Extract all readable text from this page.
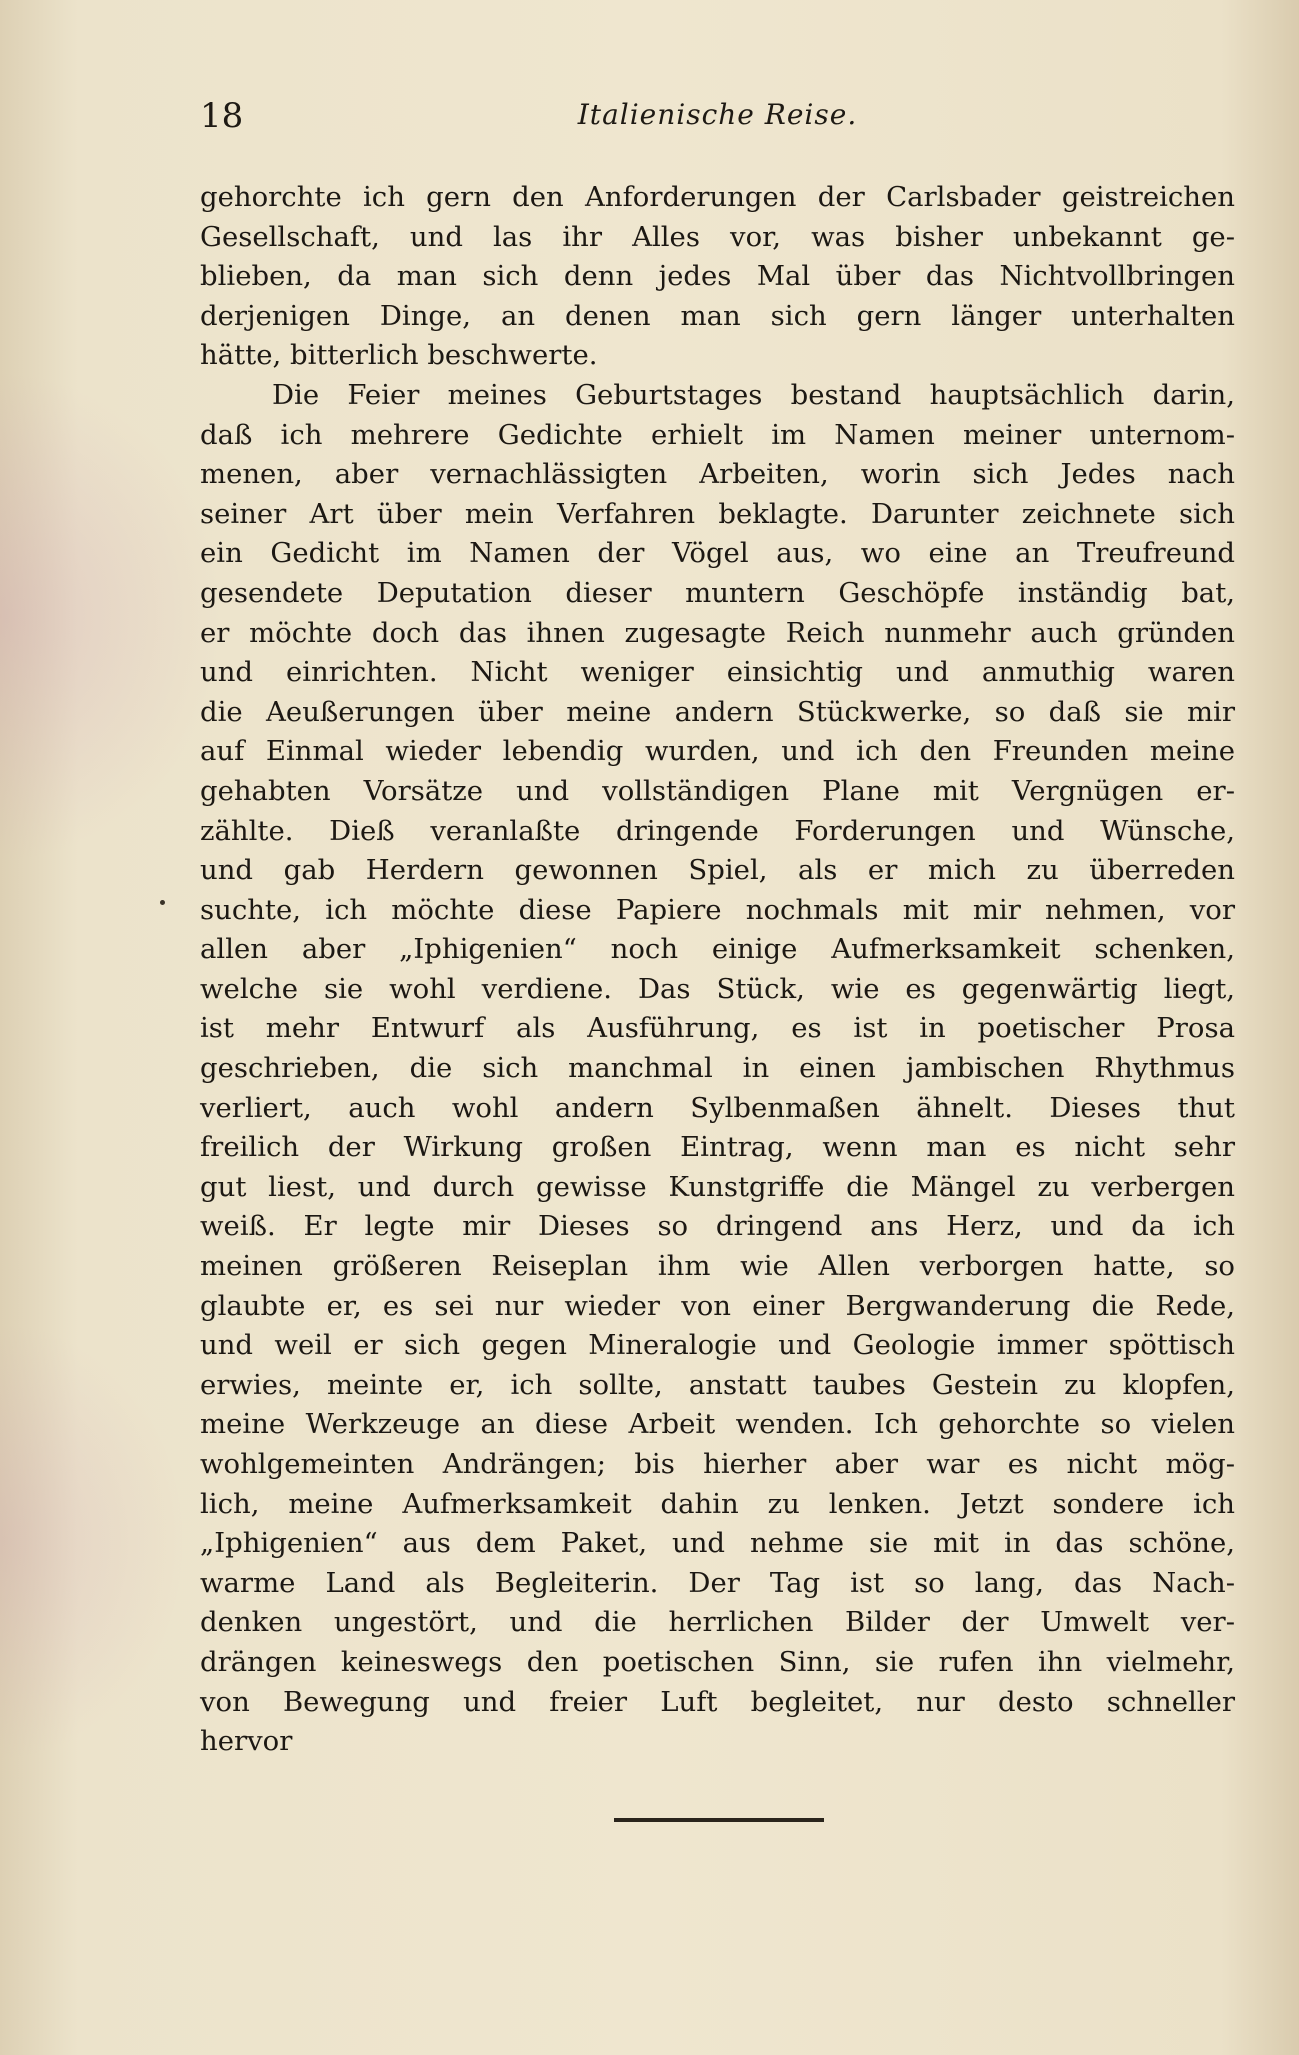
18	Italienische Reise.
gehorchte ich gern den Anforderungen der Carlsbader geistreichen
Gesellschaft, und las ihr Alles vor, was bisher unbekannt ge-
blieben, da man sich denn jedes Mal über das Nichtvollbringen
derjenigen Dinge, an denen man sich gern länger unterhalten
hätte, bitterlich beschwerte.
Die Feier meines Geburtstages bestand hauptsächlich darin,
daß ich mehrere Gedichte erhielt im Namen meiner unternom-
menen, aber vernachlässigten Arbeiten, worin sich Jedes nach
seiner Art über mein Verfahren beklagte. Darunter zeichnete sich
ein Gedicht im Namen der Vögel aus, wo eine an Treufreund
gesendete Deputation dieser muntern Geschöpfe inständig bat,
er möchte doch das ihnen zugesagte Reich nunmehr auch gründen
und einrichten. Nicht weniger einsichtig und anmuthig waren
die Aeußerungen über meine andern Stückwerke, so daß sie mir
auf Einmal wieder lebendig wurden, und ich den Freunden meine
gehabten Vorsätze und vollständigen Plane mit Vergnügen er-
zählte. Dieß veranlaßte dringende Forderungen und Wünsche,
und gab Herdern gewonnen Spiel, als er mich zu überreden
suchte, ich möchte diese Papiere nochmals mit mir nehmen, vor
allen aber „Iphigenien“ noch einige Aufmerksamkeit schenken,
welche sie wohl verdiene. Das Stück, wie es gegenwärtig liegt,
ist mehr Entwurf als Ausführung, es ist in poetischer Prosa
geschrieben, die sich manchmal in einen jambischen Rhythmus
verliert, auch wohl andern Sylbenmaßen ähnelt. Dieses thut
freilich der Wirkung großen Eintrag, wenn man es nicht sehr
gut liest, und durch gewisse Kunstgriffe die Mängel zu verbergen
weiß. Er legte mir Dieses so dringend ans Herz, und da ich
meinen größeren Reiseplan ihm wie Allen verborgen hatte, so
glaubte er, es sei nur wieder von einer Bergwanderung die Rede,
und weil er sich gegen Mineralogie und Geologie immer spöttisch
erwies, meinte er, ich sollte, anstatt taubes Gestein zu klopfen,
meine Werkzeuge an diese Arbeit wenden. Ich gehorchte so vielen
wohlgemeinten Andrängen; bis hierher aber war es nicht mög-
lich, meine Aufmerksamkeit dahin zu lenken. Jetzt sondere ich
„Iphigenien“ aus dem Paket, und nehme sie mit in das schöne,
warme Land als Begleiterin. Der Tag ist so lang, das Nach-
denken ungestört, und die herrlichen Bilder der Umwelt ver-
drängen keineswegs den poetischen Sinn, sie rufen ihn vielmehr,
von Bewegung und freier Luft begleitet, nur desto schneller
hervor
